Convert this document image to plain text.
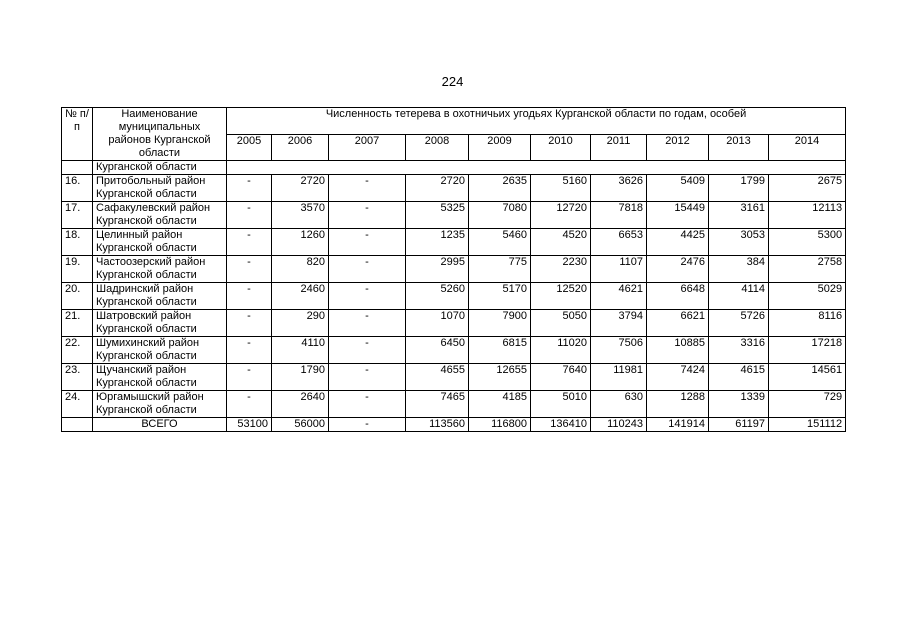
224
№ п/п	Наименование муниципальных районов Курганской области	Численность тетерева в охотничьих угодьях Курганской области по годам, особей									
		2005	2006	2007	2008	2009	2010	2011	2012	2013	2014
	Курганской области										
16.	Притобольный район Курганской области	-	2720	-	2720	2635	5160	3626	5409	1799	2675
17.	Сафакулевский район Курганской области	-	3570	-	5325	7080	12720	7818	15449	3161	12113
18.	Целинный район Курганской области	-	1260	-	1235	5460	4520	6653	4425	3053	5300
19.	Частоозерский район Курганской области	-	820	-	2995	775	2230	1107	2476	384	2758
20.	Шадринский район Курганской области	-	2460	-	5260	5170	12520	4621	6648	4114	5029
21.	Шатровский район Курганской области	-	290	-	1070	7900	5050	3794	6621	5726	8116
22.	Шумихинский район Курганской области	-	4110	-	6450	6815	11020	7506	10885	3316	17218
23.	Щучанский район Курганской области	-	1790	-	4655	12655	7640	11981	7424	4615	14561
24.	Юргамышский район Курганской области	-	2640	-	7465	4185	5010	630	1288	1339	729
	ВСЕГО	53100	56000	-	113560	116800	136410	110243	141914	61197	151112
